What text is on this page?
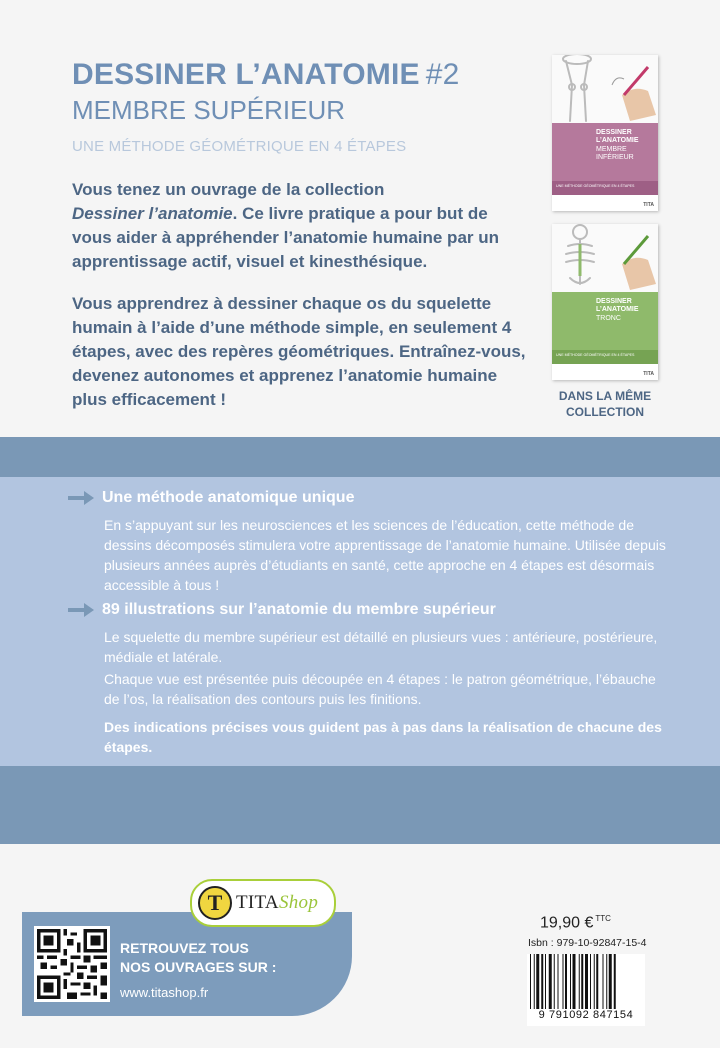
DESSINER L’ANATOMIE #2
MEMBRE SUPÉRIEUR
UNE MÉTHODE GÉOMÉTRIQUE EN 4 ÉTAPES

Vous tenez un ouvrage de la collection
Dessiner l’anatomie. Ce livre pratique a pour but de vous aider à appréhender l’anatomie humaine par un apprentissage actif, visuel et kinesthésique.

Vous apprendrez à dessiner chaque os du squelette humain à l’aide d’une méthode simple, en seulement 4 étapes, avec des repères géométriques. Entraînez-vous, devenez autonomes et apprenez l’anatomie humaine plus efficacement !

DESSINER L’ANATOMIE
MEMBRE INFÉRIEUR
UNE MÉTHODE GÉOMÉTRIQUE EN 4 ÉTAPES
TITA
DESSINER L’ANATOMIE
TRONC
UNE MÉTHODE GÉOMÉTRIQUE EN 4 ÉTAPES
TITA
DANS LA MÊME
COLLECTION
Une méthode anatomique unique
En s’appuyant sur les neurosciences et les sciences de l’éducation, cette méthode de dessins décomposés stimulera votre apprentissage de l’anatomie humaine. Utilisée depuis plusieurs années auprès d’étudiants en santé, cette approche en 4 étapes est désormais accessible à tous !
89 illustrations sur l’anatomie du membre supérieur

Le squelette du membre supérieur est détaillé en plusieurs vues : antérieure, postérieure, médiale et latérale.

Chaque vue est présentée puis découpée en 4 étapes : le patron géométrique, l’ébauche de l’os, la réalisation des contours puis les finitions.

Des indications précises vous guident pas à pas dans la réalisation de chacune des étapes.
RETROUVEZ TOUS
NOS OUVRAGES SUR :
www.titashop.fr
T TITAShop
19,90 € $^{TTC}$
Isbn : 979-10-92847-15-4
9 791092 847154
